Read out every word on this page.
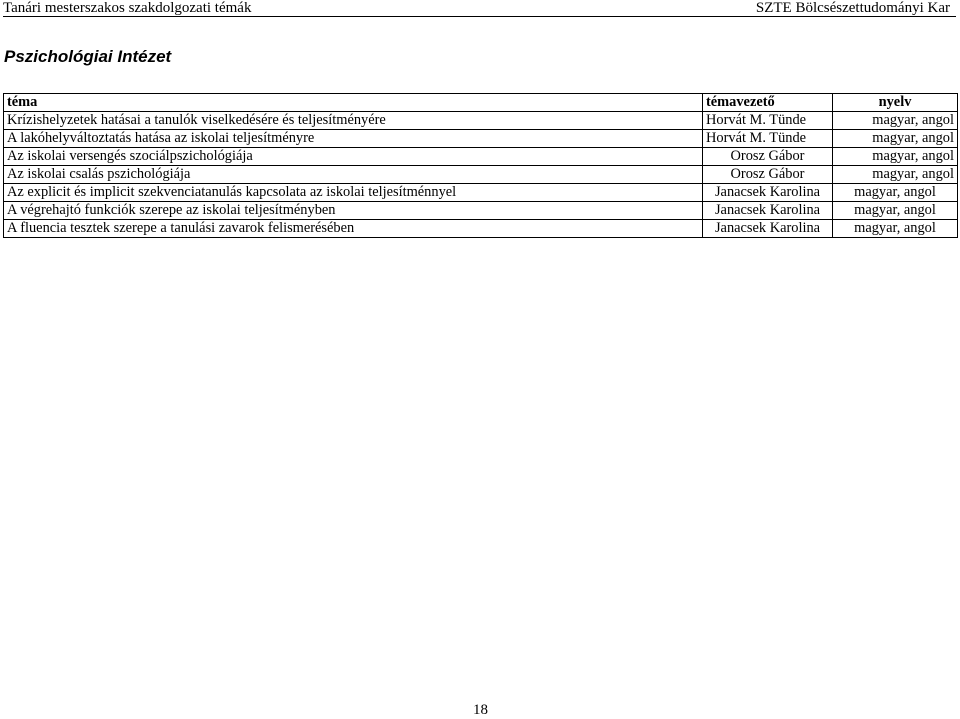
Tanári mesterszakos szakdolgozati témák	SZTE Bölcsészettudományi Kar
Pszichológiai Intézet
téma	témavezető	nyelv
Krízishelyzetek hatásai a tanulók viselkedésére és teljesítményére	Horvát M. Tünde	magyar, angol
A lakóhelyváltoztatás hatása az iskolai teljesítményre	Horvát M. Tünde	magyar, angol
Az iskolai versengés szociálpszichológiája	Orosz Gábor	magyar, angol
Az iskolai csalás pszichológiája	Orosz Gábor	magyar, angol
Az explicit és implicit szekvenciatanulás kapcsolata az iskolai teljesítménnyel	Janacsek Karolina	magyar, angol
A végrehajtó funkciók szerepe az iskolai teljesítményben	Janacsek Karolina	magyar, angol
A fluencia tesztek szerepe a tanulási zavarok felismerésében	Janacsek Karolina	magyar, angol
18
